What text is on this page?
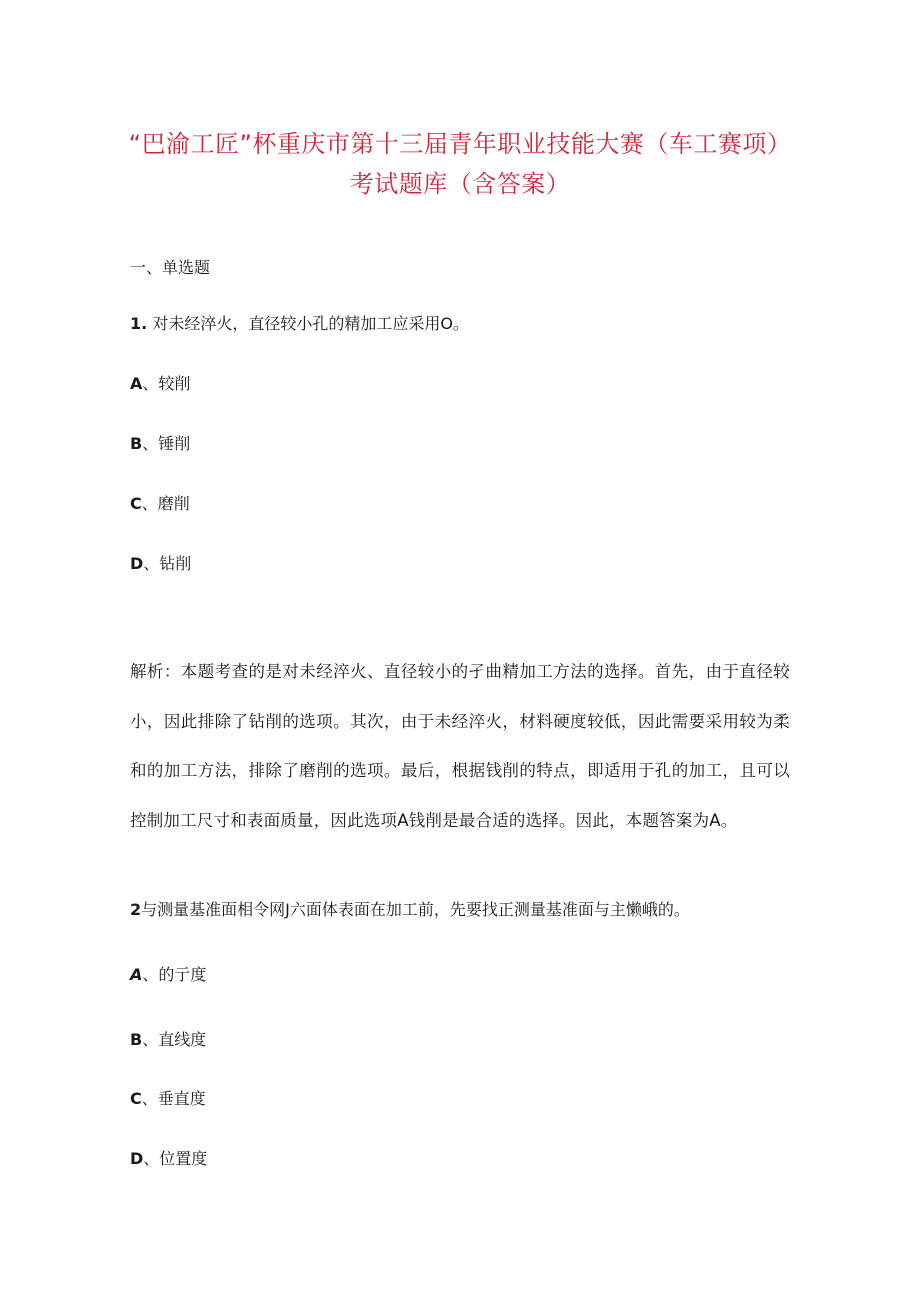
“巴渝工匠”杯重庆市第十三届青年职业技能大赛（车工赛项）考试题库（含答案）
一、单选题
1. 对未经淬火，直径较小孔的精加工应采用O。
A、较削
B、锤削
C、磨削
D、钻削
解析：本题考查的是对未经淬火、直径较小的孑曲精加工方法的选择。首先，由于直径较小，因此排除了钻削的选项。其次，由于未经淬火，材料硬度较低，因此需要采用较为柔和的加工方法，排除了磨削的选项。最后，根据钱削的特点，即适用于孔的加工，且可以控制加工尺寸和表面质量，因此选项A钱削是最合适的选择。因此，本题答案为A。
2与测量基准面相令网J六面体表面在加工前，先要找正测量基准面与主懒峨的。
A、的亍度
B、直线度
C、垂直度
D、位置度
